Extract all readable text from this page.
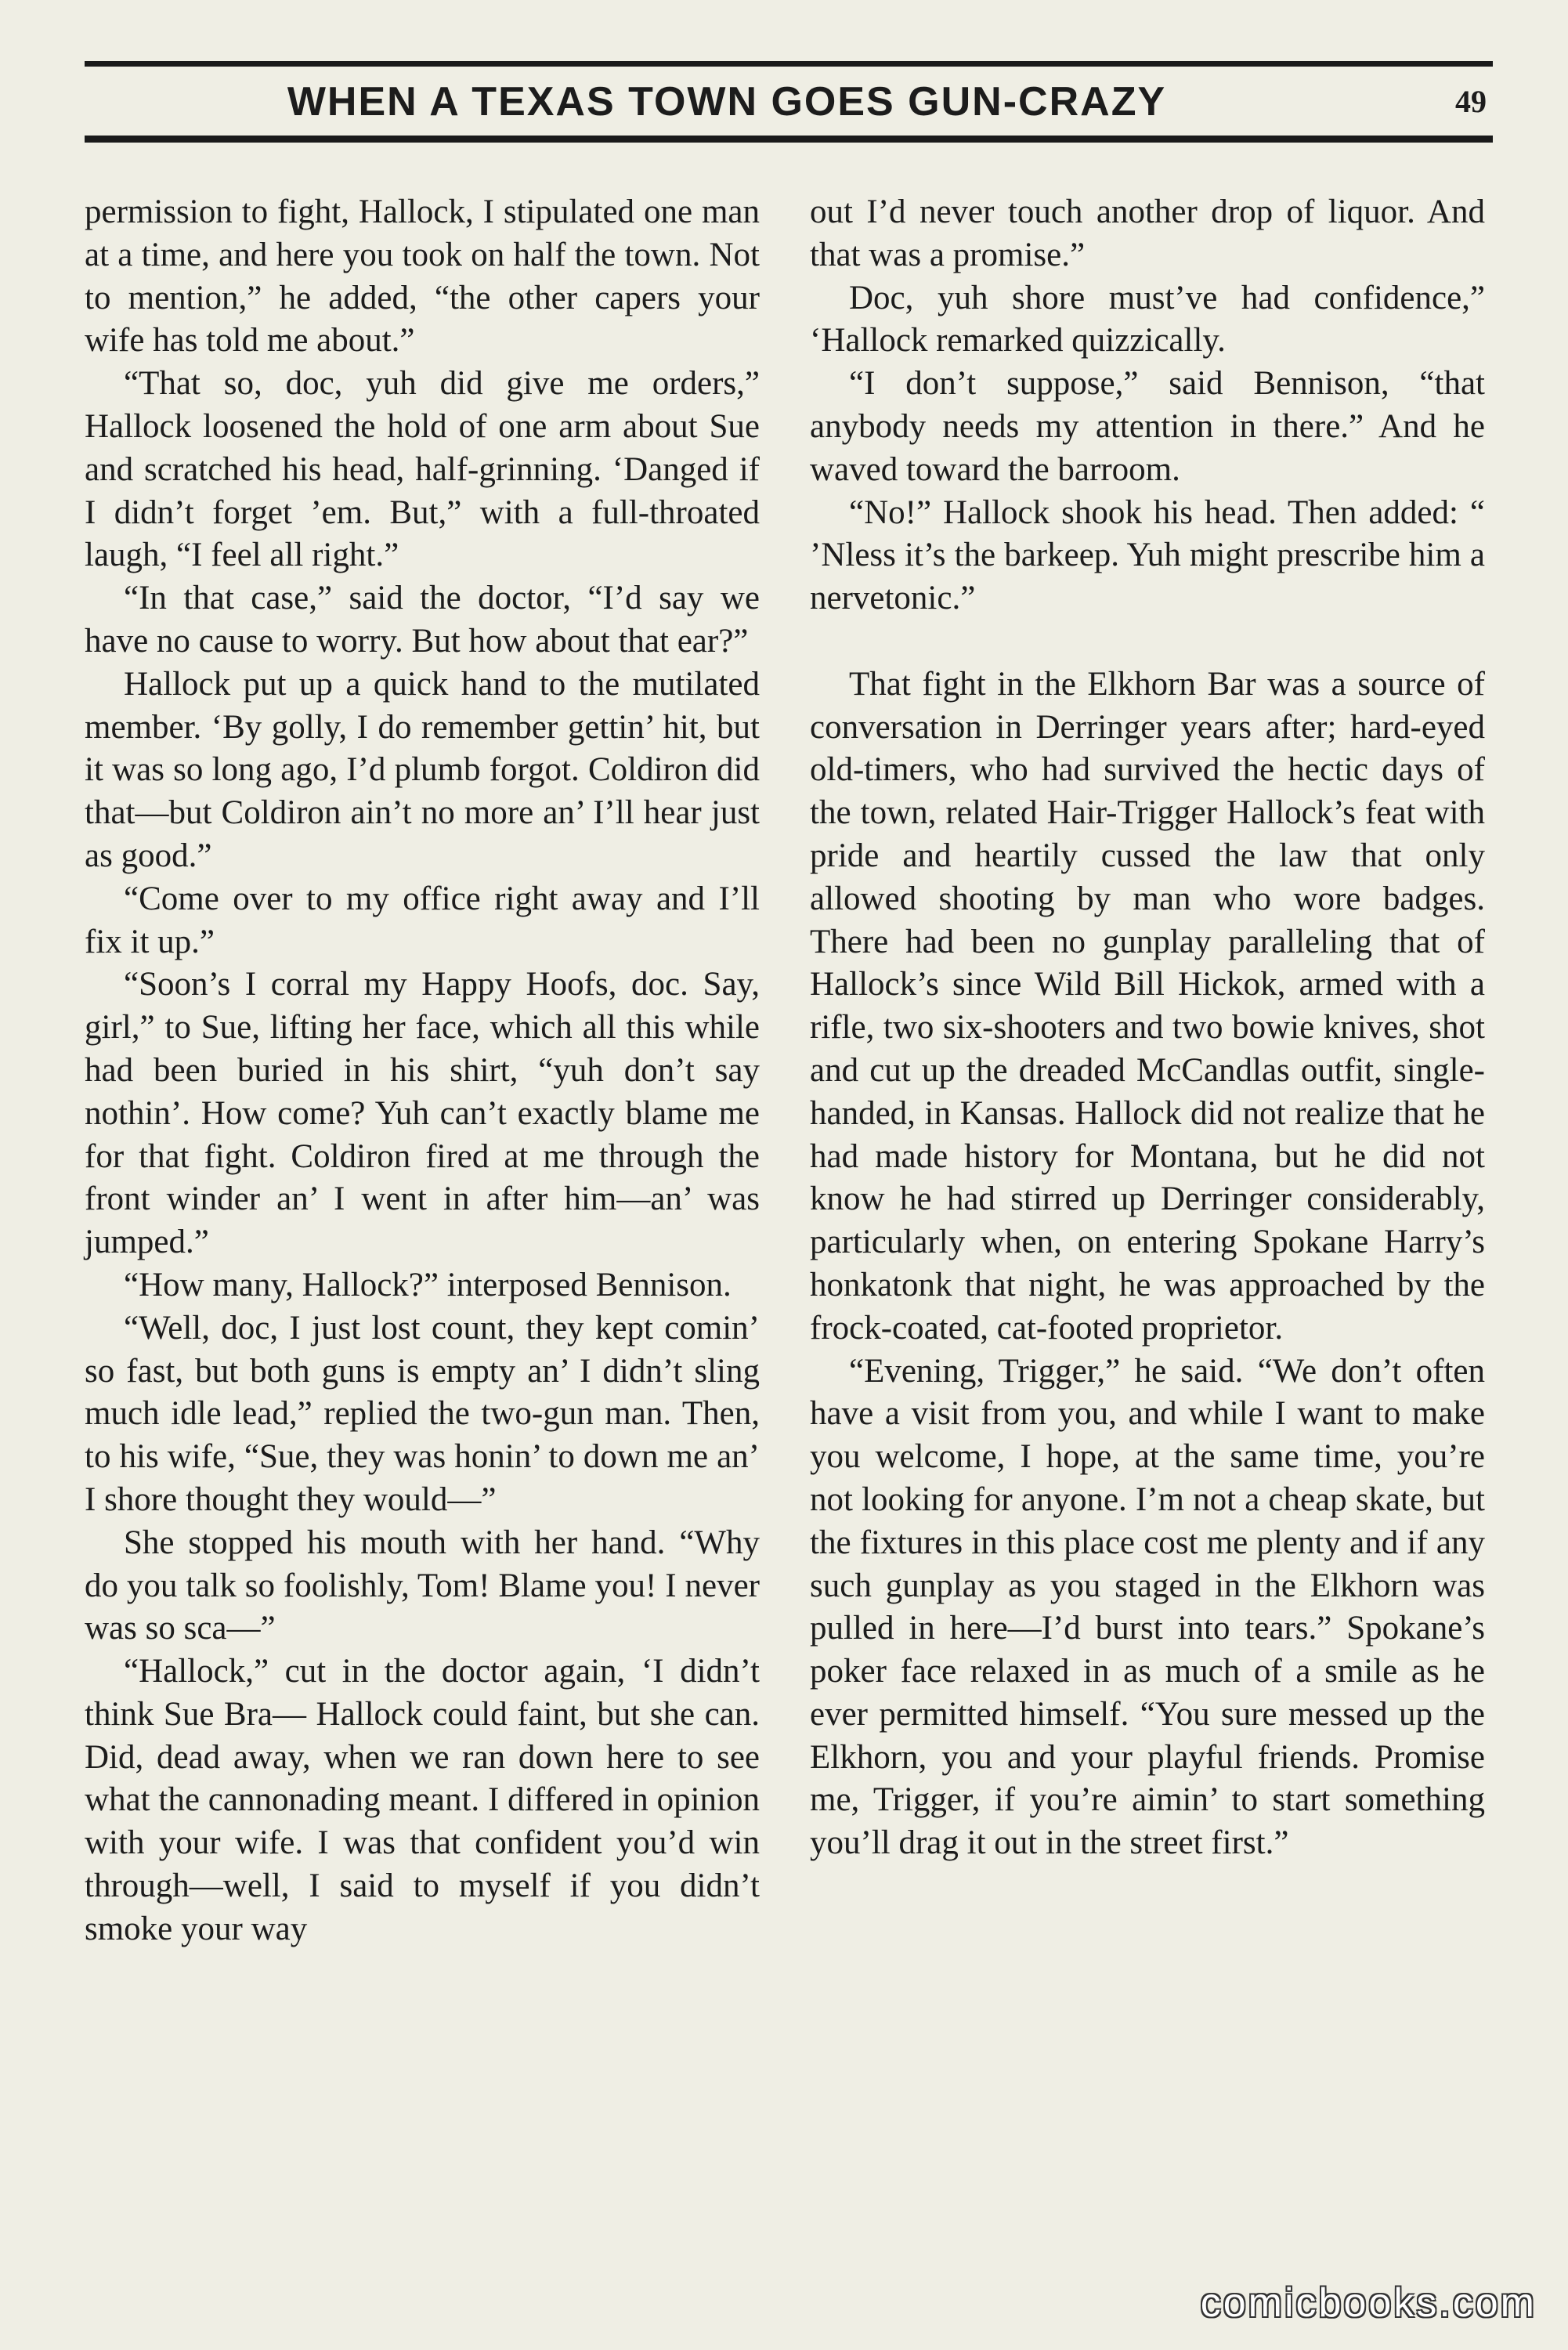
WHEN A TEXAS TOWN GOES GUN-CRAZY	49

permission to fight, Hallock, I stipulated one man at a time, and here you took on half the town. Not to mention,” he added, “the other capers your wife has told me about.”

“That so, doc, yuh did give me orders,” Hallock loosened the hold of one arm about Sue and scratched his head, half-grinning. ‘Danged if I didn’t forget ’em. But,” with a full-throated laugh, “I feel all right.”

“In that case,” said the doctor, “I’d say we have no cause to worry. But how about that ear?”

Hallock put up a quick hand to the mutilated member. ‘By golly, I do remember gettin’ hit, but it was so long ago, I’d plumb forgot. Coldiron did that—but Coldiron ain’t no more an’ I’ll hear just as good.”

“Come over to my office right away and I’ll fix it up.”

“Soon’s I corral my Happy Hoofs, doc. Say, girl,” to Sue, lifting her face, which all this while had been buried in his shirt, “yuh don’t say nothin’. How come? Yuh can’t exactly blame me for that fight. Coldiron fired at me through the front winder an’ I went in after him—an’ was jumped.”

“How many, Hallock?” interposed Bennison.

“Well, doc, I just lost count, they kept comin’ so fast, but both guns is empty an’ I didn’t sling much idle lead,” replied the two-gun man. Then, to his wife, “Sue, they was honin’ to down me an’ I shore thought they would—”

She stopped his mouth with her hand. “Why do you talk so foolishly, Tom! Blame you! I never was so sca—”

“Hallock,” cut in the doctor again, ‘I didn’t think Sue Bra— Hallock could faint, but she can. Did, dead away, when we ran down here to see what the cannonading meant. I differed in opinion with your wife. I was that confident you’d win through—well, I said to myself if you didn’t smoke your way

out I’d never touch another drop of liquor. And that was a promise.”

Doc, yuh shore must’ve had confidence,” ‘Hallock remarked quizzically.

“I don’t suppose,” said Bennison, “that anybody needs my attention in there.” And he waved toward the barroom.

“No!” Hallock shook his head. Then added: “ ’Nless it’s the barkeep. Yuh might prescribe him a nervetonic.”

That fight in the Elkhorn Bar was a source of conversation in Derringer years after; hard-eyed old-timers, who had survived the hectic days of the town, related Hair-Trigger Hallock’s feat with pride and heartily cussed the law that only allowed shooting by man who wore badges. There had been no gunplay paralleling that of Hallock’s since Wild Bill Hickok, armed with a rifle, two six-shooters and two bowie knives, shot and cut up the dreaded McCandlas outfit, single-handed, in Kansas. Hallock did not realize that he had made history for Montana, but he did not know he had stirred up Derringer considerably, particularly when, on entering Spokane Harry’s honkatonk that night, he was approached by the frock-coated, cat-footed proprietor.

“Evening, Trigger,” he said. “We don’t often have a visit from you, and while I want to make you welcome, I hope, at the same time, you’re not looking for anyone. I’m not a cheap skate, but the fixtures in this place cost me plenty and if any such gunplay as you staged in the Elkhorn was pulled in here—I’d burst into tears.” Spokane’s poker face relaxed in as much of a smile as he ever permitted himself. “You sure messed up the Elkhorn, you and your playful friends. Promise me, Trigger, if you’re aimin’ to start something you’ll drag it out in the street first.”

comicbooks.com
